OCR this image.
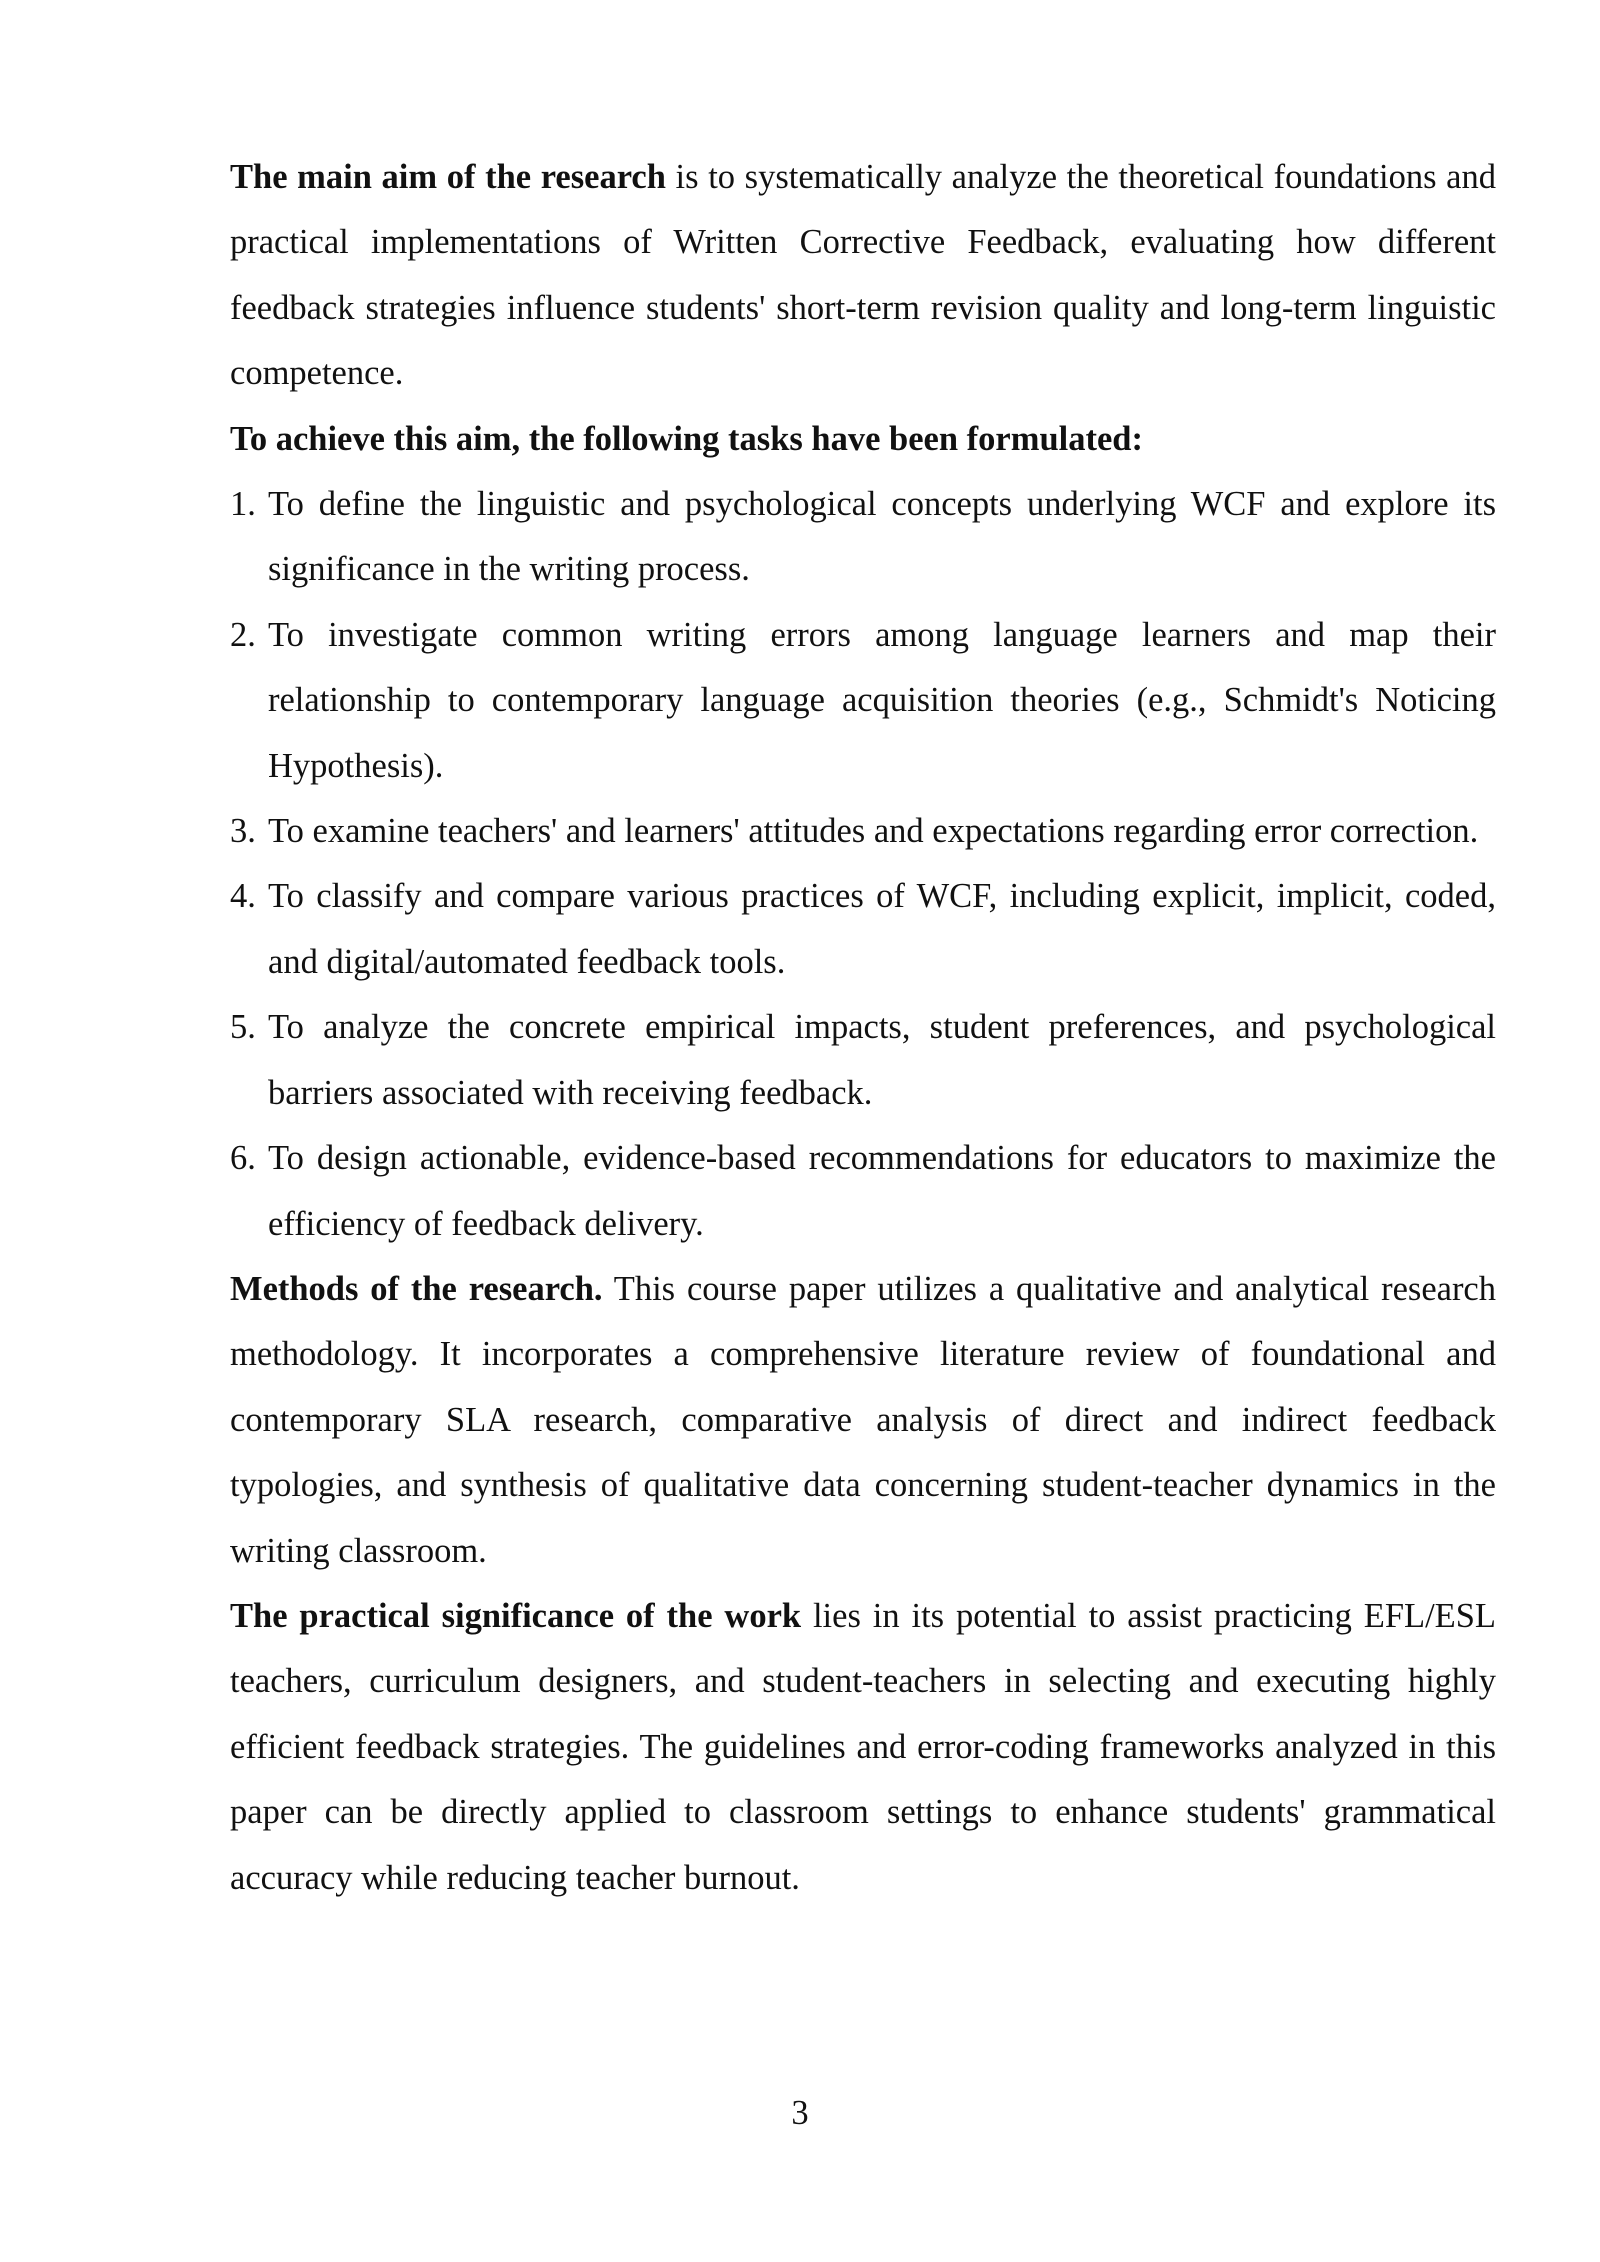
The main aim of the research is to systematically analyze the theoretical foundations and practical implementations of Written Corrective Feedback, evaluating how different feedback strategies influence students' short-term revision quality and long-term linguistic competence.

To achieve this aim, the following tasks have been formulated:

1. To define the linguistic and psychological concepts underlying WCF and explore its significance in the writing process.
2. To investigate common writing errors among language learners and map their relationship to contemporary language acquisition theories (e.g., Schmidt's Noticing Hypothesis).
3. To examine teachers' and learners' attitudes and expectations regarding error correction.
4. To classify and compare various practices of WCF, including explicit, implicit, coded, and digital/automated feedback tools.
5. To analyze the concrete empirical impacts, student preferences, and psychological barriers associated with receiving feedback.
6. To design actionable, evidence-based recommendations for educators to maximize the efficiency of feedback delivery.

Methods of the research. This course paper utilizes a qualitative and analytical research methodology. It incorporates a comprehensive literature review of foundational and contemporary SLA research, comparative analysis of direct and indirect feedback typologies, and synthesis of qualitative data concerning student-teacher dynamics in the writing classroom.

The practical significance of the work lies in its potential to assist practicing EFL/ESL teachers, curriculum designers, and student-teachers in selecting and executing highly efficient feedback strategies. The guidelines and error-coding frameworks analyzed in this paper can be directly applied to classroom settings to enhance students' grammatical accuracy while reducing teacher burnout.

3
